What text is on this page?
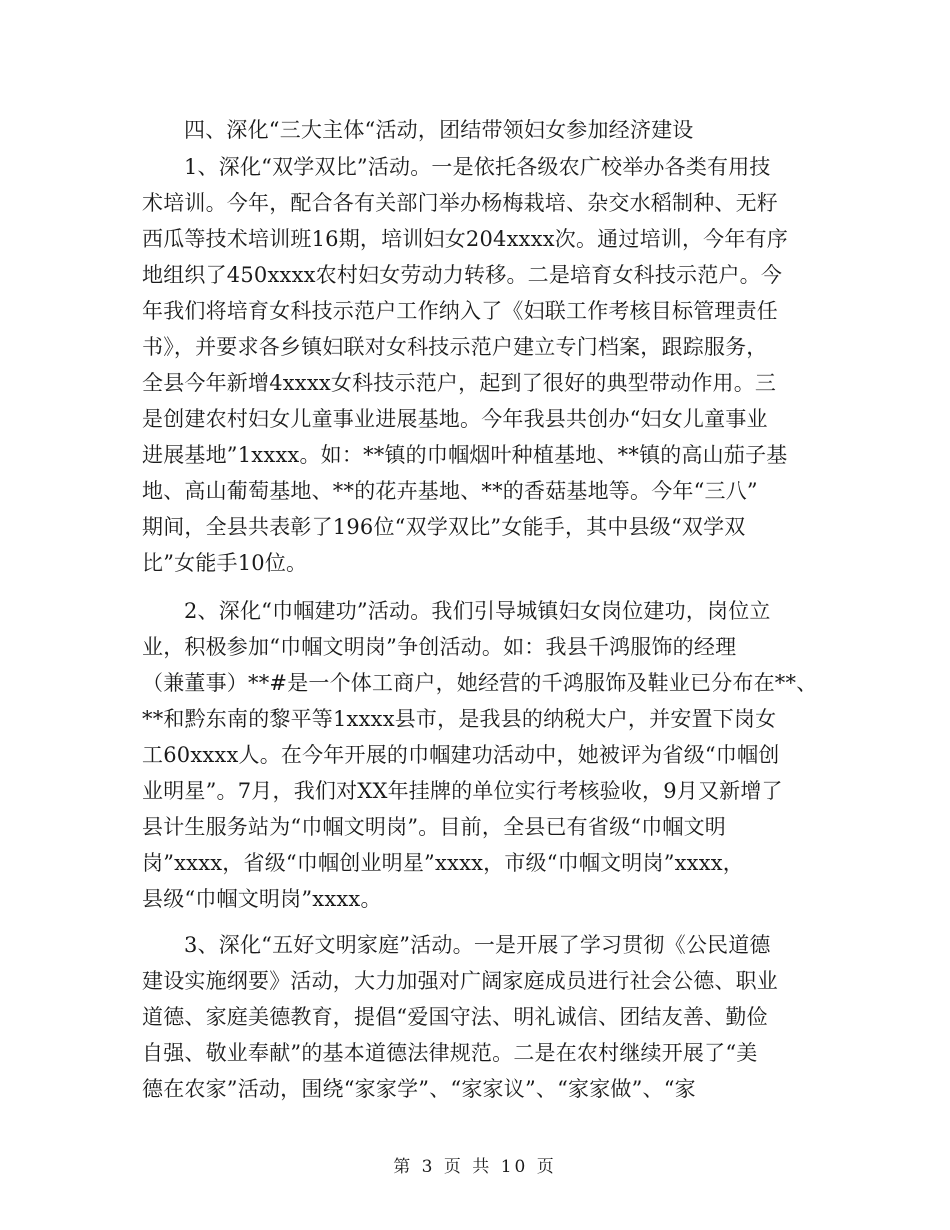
四、深化“三大主体“活动，团结带领妇女参加经济建设
1、深化“双学双比”活动。一是依托各级农广校举办各类有用技
术培训。今年，配合各有关部门举办杨梅栽培、杂交水稻制种、无籽
西瓜等技术培训班16期，培训妇女204xxxx次。通过培训，今年有序
地组织了450xxxx农村妇女劳动力转移。二是培育女科技示范户。今
年我们将培育女科技示范户工作纳入了《妇联工作考核目标管理责任
书》，并要求各乡镇妇联对女科技示范户建立专门档案，跟踪服务，
全县今年新增4xxxx女科技示范户，起到了很好的典型带动作用。三
是创建农村妇女儿童事业进展基地。今年我县共创办“妇女儿童事业
进展基地”1xxxx。如：**镇的巾帼烟叶种植基地、**镇的高山茄子基
地、高山葡萄基地、**的花卉基地、**的香菇基地等。今年“三八”
期间，全县共表彰了196位“双学双比”女能手，其中县级“双学双
比”女能手10位。
2、深化“巾帼建功”活动。我们引导城镇妇女岗位建功，岗位立
业，积极参加“巾帼文明岗”争创活动。如：我县千鸿服饰的经理
（兼董事）**#是一个体工商户，她经营的千鸿服饰及鞋业已分布在**、
**和黔东南的黎平等1xxxx县市，是我县的纳税大户，并安置下岗女
工60xxxx人。在今年开展的巾帼建功活动中，她被评为省级“巾帼创
业明星”。7月，我们对XX年挂牌的单位实行考核验收，9月又新增了
县计生服务站为“巾帼文明岗”。目前，全县已有省级“巾帼文明
岗”xxxx，省级“巾帼创业明星”xxxx，市级“巾帼文明岗”xxxx，
县级“巾帼文明岗”xxxx。
3、深化“五好文明家庭”活动。一是开展了学习贯彻《公民道德
建设实施纲要》活动，大力加强对广阔家庭成员进行社会公德、职业
道德、家庭美德教育，提倡“爱国守法、明礼诚信、团结友善、勤俭
自强、敬业奉献”的基本道德法律规范。二是在农村继续开展了“美
德在农家”活动，围绕“家家学”、“家家议”、“家家做”、“家
第 3 页 共 10 页
